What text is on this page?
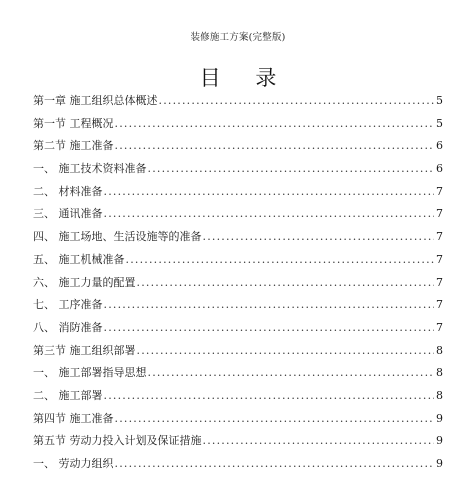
装修施工方案(完整版)
目 录
第一章 施工组织总体概述 .....	5
第一节 工程概况 .....	5
第二节 施工准备 .....	6
一、 施工技术资料准备 .....	6
二、 材料准备 .....	7
三、 通讯准备 .....	7
四、 施工场地、生活设施等的准备 .....	7
五、 施工机械准备 .....	7
六、 施工力量的配置 .....	7
七、 工序准备 .....	7
八、 消防准备 .....	7
第三节 施工组织部署 .....	8
一、 施工部署指导思想 .....	8
二、 施工部署 .....	8
第四节 施工准备 .....	9
第五节 劳动力投入计划及保证措施 .....	9
一、 劳动力组织 .....	9
